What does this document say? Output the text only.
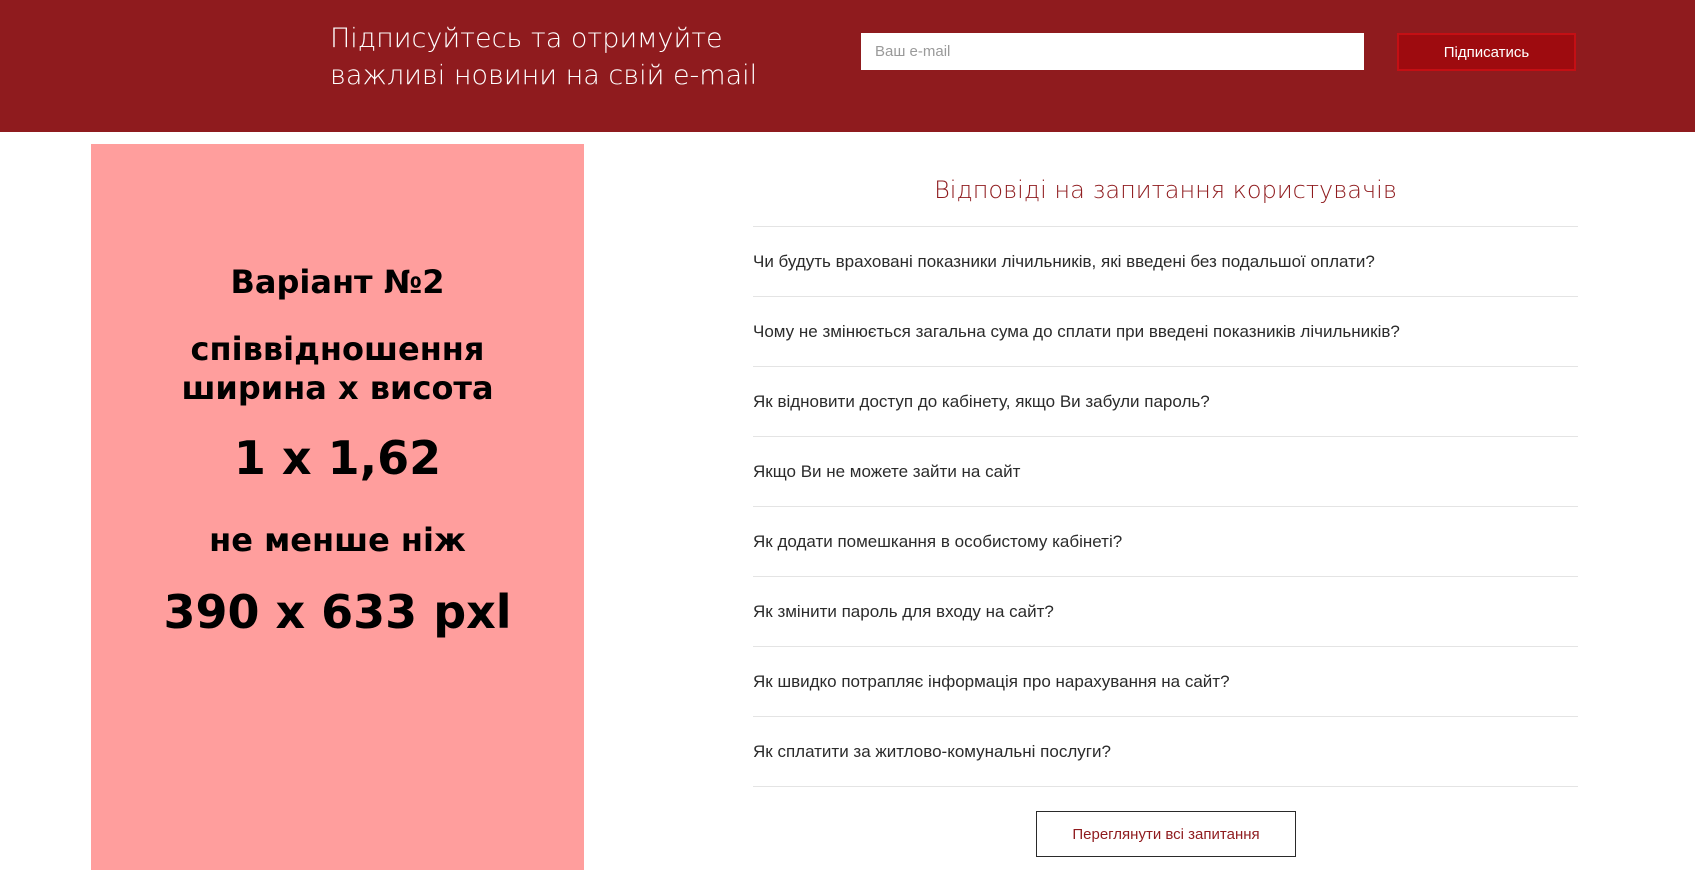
Підписуйтесь та отримуйте
важливі новини на свій e-mail
Ваш e-mail
Підписатись

Варіант №2

співвідношення
ширина х висота

1 х 1,62

не менше ніж

390 х 633 pxl

Відповіді на запитання користувачів
Чи будуть враховані показники лічильників, які введені без подальшої оплати?
Чому не змінюється загальна сума до сплати при введені показників лічильників?
Як відновити доступ до кабінету, якщо Ви забули пароль?
Якщо Ви не можете зайти на сайт
Як додати помешкання в особистому кабінеті?
Як змінити пароль для входу на сайт?
Як швидко потрапляє інформація про нарахування на сайт?
Як сплатити за житлово-комунальні послуги?
Переглянути всі запитання
